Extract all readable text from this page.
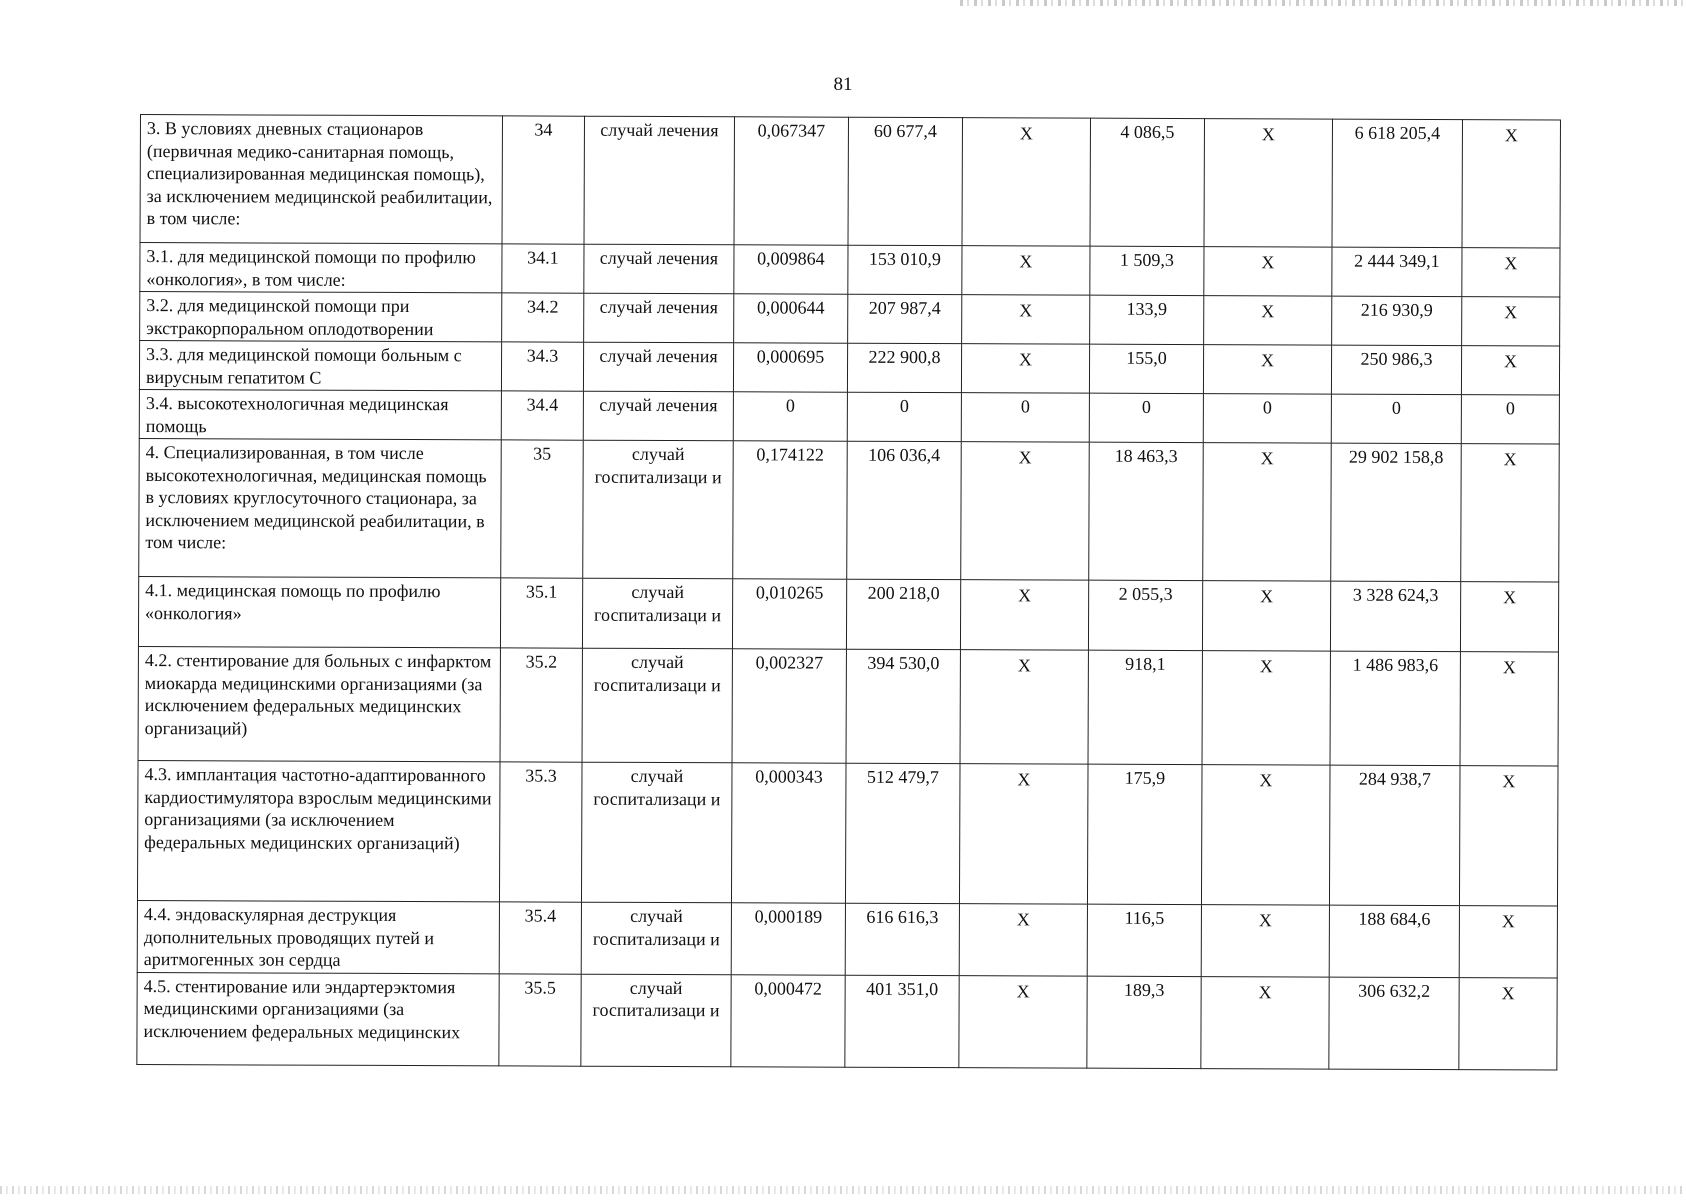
81
3. В условиях дневных стационаров (первичная медико-санитарная помощь, специализированная медицинская помощь), за исключением медицинской реабилитации, в том числе:	34	случай лечения	0,067347	60 677,4	Х	4 086,5	Х	6 618 205,4	Х
3.1. для медицинской помощи по профилю «онкология», в том числе:	34.1	случай лечения	0,009864	153 010,9	Х	1 509,3	Х	2 444 349,1	Х
3.2. для медицинской помощи при экстракорпоральном оплодотворении	34.2	случай лечения	0,000644	207 987,4	Х	133,9	Х	216 930,9	Х
3.3. для медицинской помощи больным с вирусным гепатитом С	34.3	случай лечения	0,000695	222 900,8	Х	155,0	Х	250 986,3	Х
3.4. высокотехнологичная медицинская помощь	34.4	случай лечения	0	0	0	0	0	0	0
4. Специализированная, в том числе высокотехнологичная, медицинская помощь в условиях круглосуточного стационара, за исключением медицинской реабилитации, в том числе:	35	случай госпитализаци и	0,174122	106 036,4	Х	18 463,3	Х	29 902 158,8	Х
4.1. медицинская помощь по профилю «онкология»	35.1	случай госпитализаци и	0,010265	200 218,0	Х	2 055,3	Х	3 328 624,3	Х
4.2. стентирование для больных с инфарктом миокарда медицинскими организациями (за исключением федеральных медицинских организаций)	35.2	случай госпитализаци и	0,002327	394 530,0	Х	918,1	Х	1 486 983,6	Х
4.3. имплантация частотно-адаптированного кардиостимулятора взрослым медицинскими организациями (за исключением федеральных медицинских организаций)	35.3	случай госпитализаци и	0,000343	512 479,7	Х	175,9	Х	284 938,7	Х
4.4. эндоваскулярная деструкция дополнительных проводящих путей и аритмогенных зон сердца	35.4	случай госпитализаци и	0,000189	616 616,3	Х	116,5	Х	188 684,6	Х
4.5. стентирование или эндартерэктомия медицинскими организациями (за исключением федеральных медицинских	35.5	случай госпитализаци и	0,000472	401 351,0	Х	189,3	Х	306 632,2	Х
